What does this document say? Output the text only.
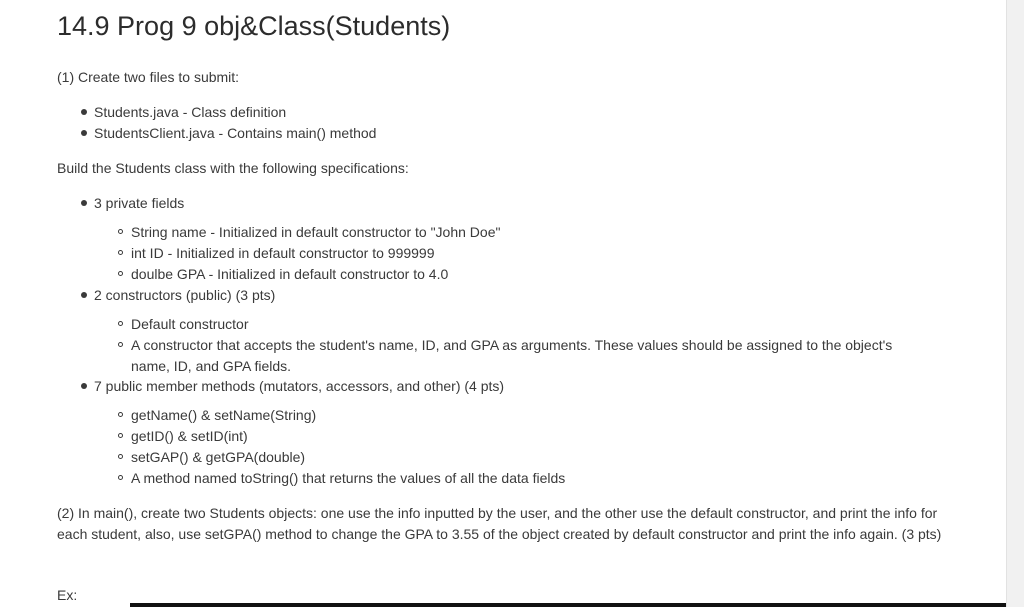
14.9 Prog 9 obj&Class(Students)
(1) Create two files to submit:
Students.java - Class definition
StudentsClient.java - Contains main() method
Build the Students class with the following specifications:
3 private fields
String name - Initialized in default constructor to "John Doe"
int ID - Initialized in default constructor to 999999
doulbe GPA - Initialized in default constructor to 4.0
2 constructors (public) (3 pts)
Default constructor
A constructor that accepts the student's name, ID, and GPA as arguments. These values should be assigned to the object's name, ID, and GPA fields.
7 public member methods (mutators, accessors, and other) (4 pts)
getName() & setName(String)
getID() & setID(int)
setGAP() & getGPA(double)
A method named toString() that returns the values of all the data fields
(2) In main(), create two Students objects: one use the info inputted by the user, and the other use the default constructor, and print the info for each student, also, use setGPA() method to change the GPA to 3.55 of the object created by default constructor and print the info again. (3 pts)
Ex:
